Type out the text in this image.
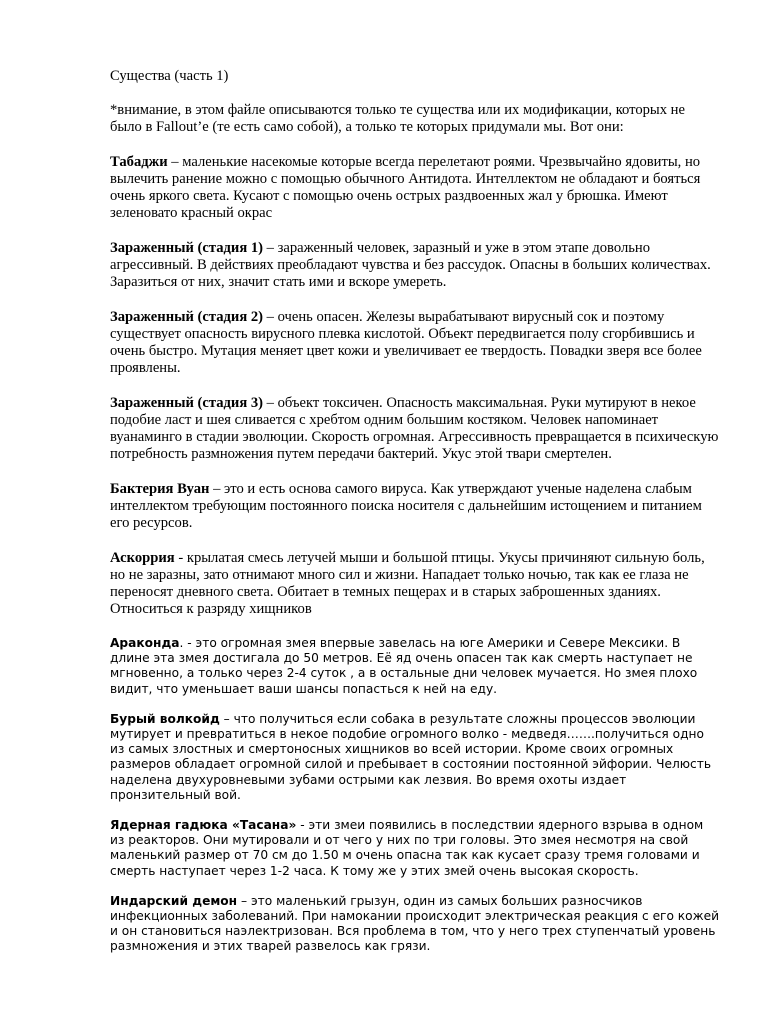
Существа (часть 1)

*внимание, в этом файле описываются только те существа или их модификации, которых не было в Fallout’е (те есть само собой), а только те которых придумали мы. Вот они:

Табаджи – маленькие насекомые которые всегда перелетают роями. Чрезвычайно ядовиты, но вылечить ранение можно с помощью обычного Антидота. Интеллектом не обладают и бояться очень яркого света. Кусают с помощью очень острых раздвоенных жал у брюшка. Имеют зеленовато красный окрас

Зараженный (стадия 1) – зараженный человек, заразный и уже в этом этапе довольно агрессивный. В действиях преобладают чувства и без рассудок. Опасны в больших количествах. Заразиться от них, значит стать ими и вскоре умереть.

Зараженный (стадия 2) – очень опасен. Железы вырабатывают вирусный сок и поэтому существует опасность вирусного плевка кислотой. Объект передвигается полу сгорбившись и очень быстро. Мутация меняет цвет кожи и увеличивает ее твердость. Повадки зверя все более проявлены.

Зараженный (стадия 3) – объект токсичен. Опасность максимальная. Руки мутируют в некое подобие ласт и шея сливается с хребтом одним большим костяком. Человек напоминает вуанаминго в стадии эволюции. Скорость огромная. Агрессивность превращается в психическую потребность размножения путем передачи бактерий. Укус этой твари смертелен.

Бактерия Вуан – это и есть основа самого вируса. Как утверждают ученые наделена слабым интеллектом требующим постоянного поиска носителя с дальнейшим истощением и питанием его ресурсов.

Аскоррия - крылатая смесь летучей мыши и большой птицы. Укусы причиняют сильную боль, но не заразны, зато отнимают много сил и жизни. Нападает только ночью, так как ее глаза не переносят дневного света. Обитает в темных пещерах и в старых заброшенных зданиях. Относиться к разряду хищников

Араконда. - это огромная змея впервые завелась на юге Америки и Севере Мексики. В длине эта змея достигала до 50 метров. Её яд очень опасен так как смерть наступает не мгновенно, а только через 2-4 суток , а в остальные дни человек мучается. Но змея плохо видит, что уменьшает ваши шансы попасться к ней на еду.

Бурый волкойд – что получиться если собака в результате сложны процессов эволюции мутирует и превратиться в некое подобие огромного волко - медведя…….получиться одно из самых злостных и смертоносных хищников во всей истории. Кроме своих огромных размеров обладает огромной силой и пребывает в состоянии постоянной эйфории. Челюсть наделена двухуровневыми зубами острыми как лезвия. Во время охоты издает пронзительный вой.

Ядерная гадюка «Тасана» - эти змеи появились в последствии ядерного взрыва в одном из реакторов. Они мутировали и от чего у них по три головы. Это змея несмотря на свой маленький размер от 70 см до 1.50 м очень опасна так как кусает сразу тремя головами и смерть наступает через 1-2 часа. К тому же у этих змей очень высокая скорость.

Индарский демон – это маленький грызун, один из самых больших разносчиков инфекционных заболеваний. При намокании происходит электрическая реакция с его кожей и он становиться наэлектризован. Вся проблема в том, что у него трех ступенчатый уровень размножения и этих тварей развелось как грязи.
